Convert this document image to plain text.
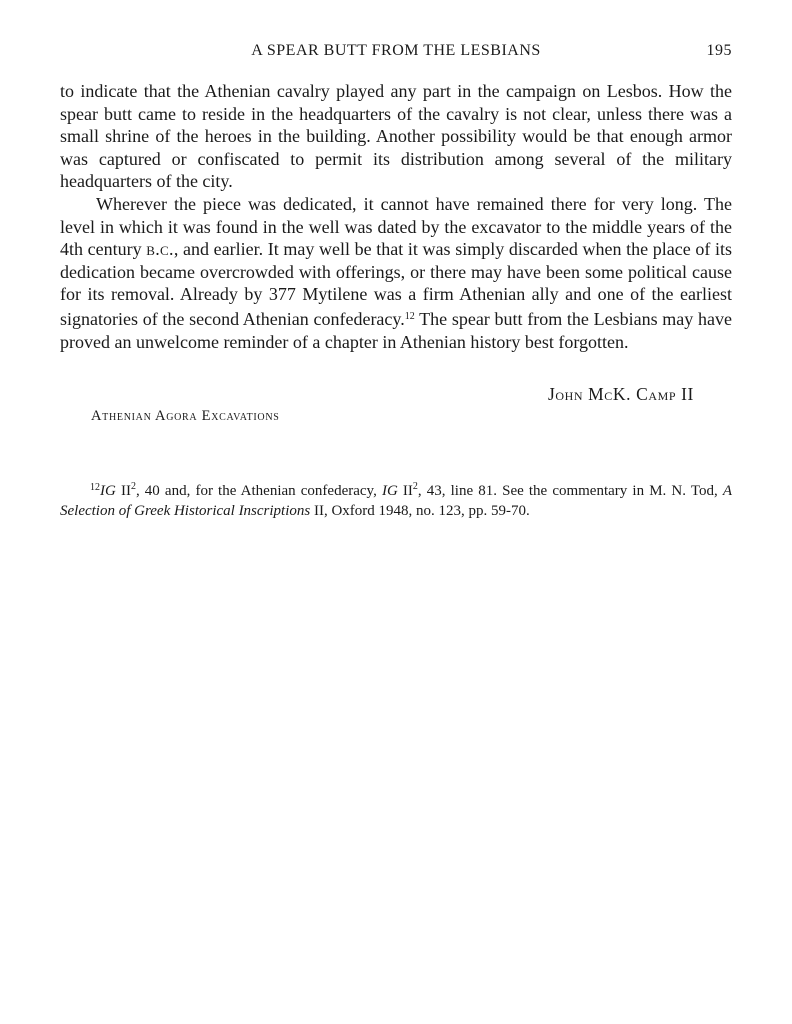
A SPEAR BUTT FROM THE LESBIANS	195

to indicate that the Athenian cavalry played any part in the campaign on Lesbos. How the spear butt came to reside in the headquarters of the cavalry is not clear, unless there was a small shrine of the heroes in the building. Another possibility would be that enough armor was captured or confiscated to permit its distribution among several of the military headquarters of the city.

Wherever the piece was dedicated, it cannot have remained there for very long. The level in which it was found in the well was dated by the excavator to the middle years of the 4th century b.c., and earlier. It may well be that it was simply discarded when the place of its dedication became overcrowded with offerings, or there may have been some political cause for its removal. Already by 377 Mytilene was a firm Athenian ally and one of the earliest signatories of the second Athenian confederacy.$^{12}$ The spear butt from the Lesbians may have proved an unwelcome reminder of a chapter in Athenian history best forgotten.

John McK. Camp II
Athenian Agora Excavations
$^{12}$IG $II^2$, 40 and, for the Athenian confederacy, IG $II^2$, 43, line 81. See the commentary in M. N. Tod, A Selection of Greek Historical Inscriptions II, Oxford 1948, no. 123, pp. 59-70.
